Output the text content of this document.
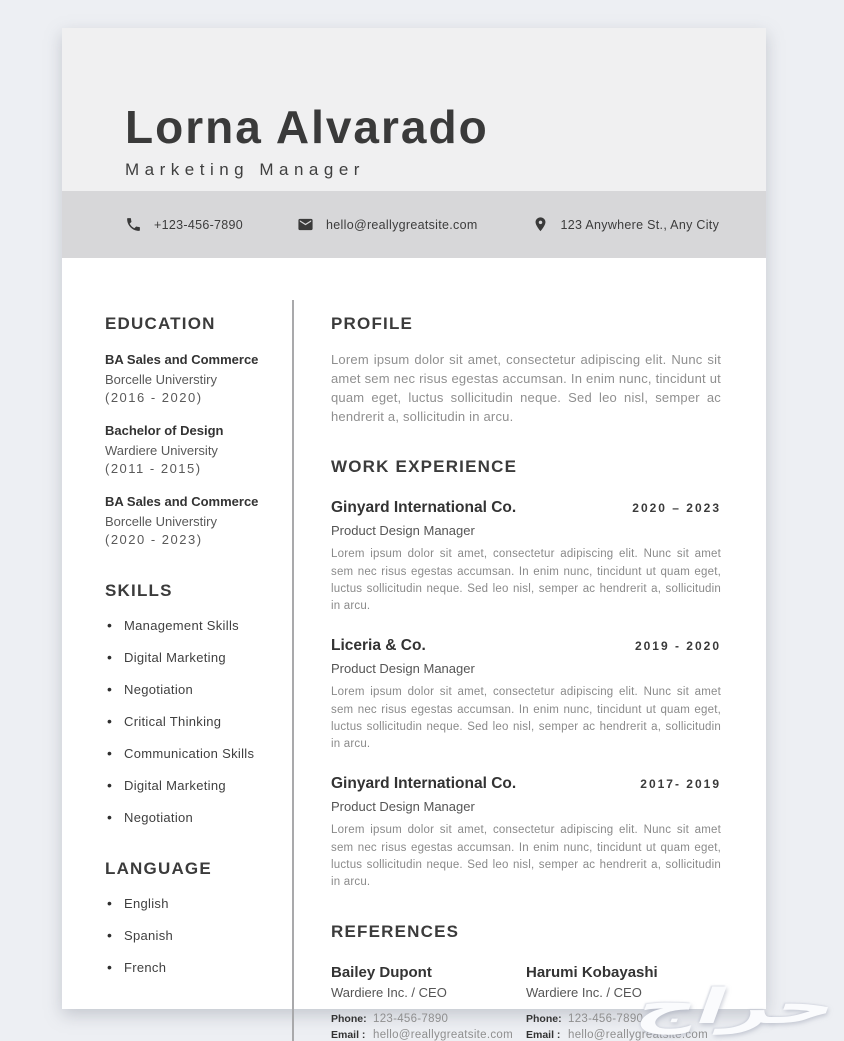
Lorna Alvarado
Marketing Manager
+123-456-7890	hello@reallygreatsite.com	123 Anywhere St., Any City
EDUCATION
BA Sales and Commerce
Borcelle Universtiry
(2016 - 2020)
Bachelor of Design
Wardiere University
(2011 - 2015)
BA Sales and Commerce
Borcelle Universtiry
(2020 - 2023)
SKILLS
• Management Skills
• Digital Marketing
• Negotiation
• Critical Thinking
• Communication Skills
• Digital Marketing
• Negotiation
LANGUAGE
• English
• Spanish
• French
PROFILE

Lorem ipsum dolor sit amet, consectetur adipiscing elit. Nunc sit amet sem nec risus egestas accumsan. In enim nunc, tincidunt ut quam eget, luctus sollicitudin neque. Sed leo nisl, semper ac hendrerit a, sollicitudin in arcu.

WORK EXPERIENCE
Ginyard International Co.	2020 – 2023
Product Design Manager

Lorem ipsum dolor sit amet, consectetur adipiscing elit. Nunc sit amet sem nec risus egestas accumsan. In enim nunc, tincidunt ut quam eget, luctus sollicitudin neque. Sed leo nisl, semper ac hendrerit a, sollicitudin in arcu.

Liceria & Co.	2019 - 2020
Product Design Manager

Lorem ipsum dolor sit amet, consectetur adipiscing elit. Nunc sit amet sem nec risus egestas accumsan. In enim nunc, tincidunt ut quam eget, luctus sollicitudin neque. Sed leo nisl, semper ac hendrerit a, sollicitudin in arcu.

Ginyard International Co.	2017- 2019
Product Design Manager

Lorem ipsum dolor sit amet, consectetur adipiscing elit. Nunc sit amet sem nec risus egestas accumsan. In enim nunc, tincidunt ut quam eget, luctus sollicitudin neque. Sed leo nisl, semper ac hendrerit a, sollicitudin in arcu.

REFERENCES
Bailey Dupont
Wardiere Inc. / CEO
Phone: 123-456-7890
Email : hello@reallygreatsite.com
Harumi Kobayashi
Wardiere Inc. / CEO
Phone: 123-456-7890
Email : hello@reallygreatsite.com
حراج
